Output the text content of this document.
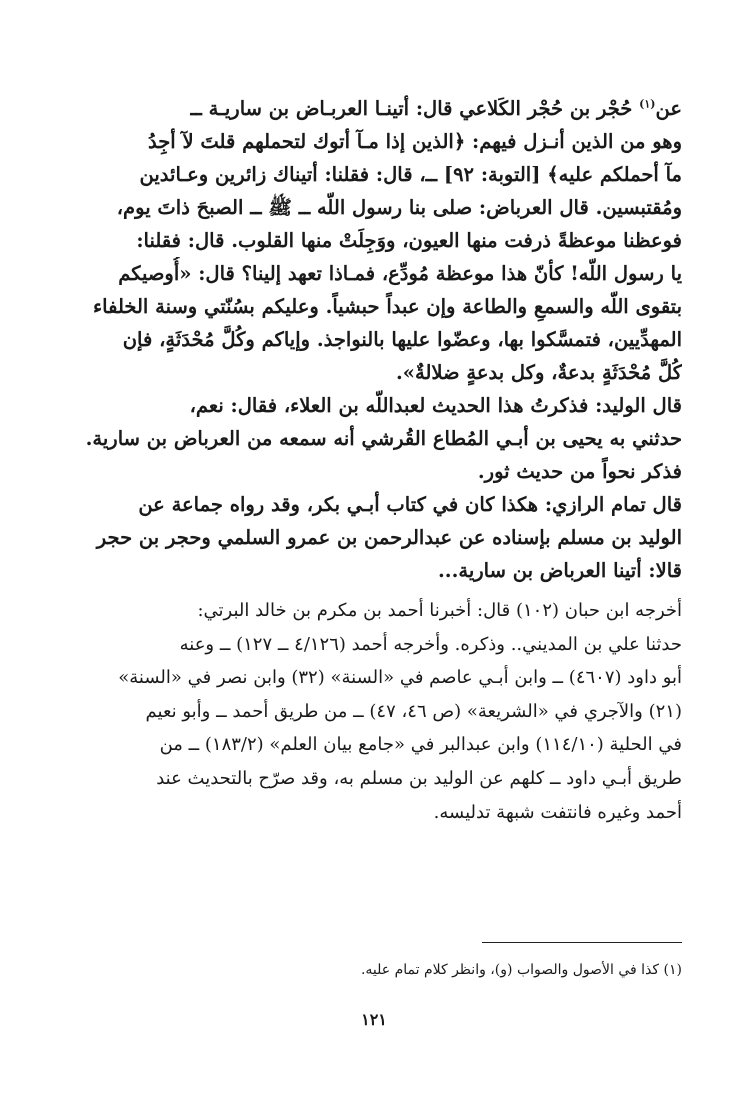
عن$^{(١)}$ حُجْر بن حُجْر الكَلاعي قال: أتينـا العربـاض بن ساريـة ــ

وهو من الذين أنـزل فيهم: ﴿الذين إذا مـآ أتوك لتحملهم قلتَ لآ أجِدُ

مآ أحملكم عليه﴾ [التوبة: ٩٢] ــ، قال: فقلنا: أتيناك زائرين وعـائدين

ومُقتبسين. قال العرباض: صلى بنا رسول اللّه ــ ﷺ ــ الصبحَ ذاتَ يوم،

فوعظنا موعظةً ذرفت منها العيون، ووَجِلَتْ منها القلوب. قال: فقلنا:

يا رسول اللّه! كأنّ هذا موعظة مُودِّع، فمـاذا تعهد إلينا؟ قال: «أُوصيكم

بتقوى اللّه والسمعِ والطاعة وإن عبداً حبشياً. وعليكم بسُنّتي وسنة الخلفاء

المهدِّيين، فتمسَّكوا بها، وعضّوا عليها بالنواجذ. وإياكم وكُلَّ مُحْدَثَةٍ، فإن

كُلَّ مُحْدَثَةٍ بدعةٌ، وكل بدعةٍ ضلالةٌ».

قال الوليد: فذكرتُ هذا الحديث لعبداللّه بن العلاء، فقال: نعم،

حدثني به يحيى بن أبـي المُطاع القُرشي أنه سمعه من العرباض بن سارية.

فذكر نحواً من حديث ثور.

قال تمام الرازي: هكذا كان في كتاب أبـي بكر، وقد رواه جماعة عن

الوليد بن مسلم بإسناده عن عبدالرحمن بن عمرو السلمي وحجر بن حجر

قالا: أتينا العرباض بن سارية...

أخرجه ابن حبان (١٠٢) قال: أخبرنا أحمد بن مكرم بن خالد البرتي:

حدثنا علي بن المديني.. وذكره. وأخرجه أحمد (٤/١٢٦ ــ ١٢٧) ــ وعنه

أبو داود (٤٦٠٧) ــ وابن أبـي عاصم في «السنة» (٣٢) وابن نصر في «السنة»

(٢١) والآجري في «الشريعة» (ص ٤٦، ٤٧) ــ من طريق أحمد ــ وأبو نعيم

في الحلية (١١٤/١٠) وابن عبدالبر في «جامع بيان العلم» (١٨٣/٢) ــ من

طريق أبـي داود ــ كلهم عن الوليد بن مسلم به، وقد صرّح بالتحديث عند

أحمد وغيره فانتفت شبهة تدليسه.

(١) كذا في الأصول والصواب (و)، وانظر كلام تمام عليه.
١٢١
